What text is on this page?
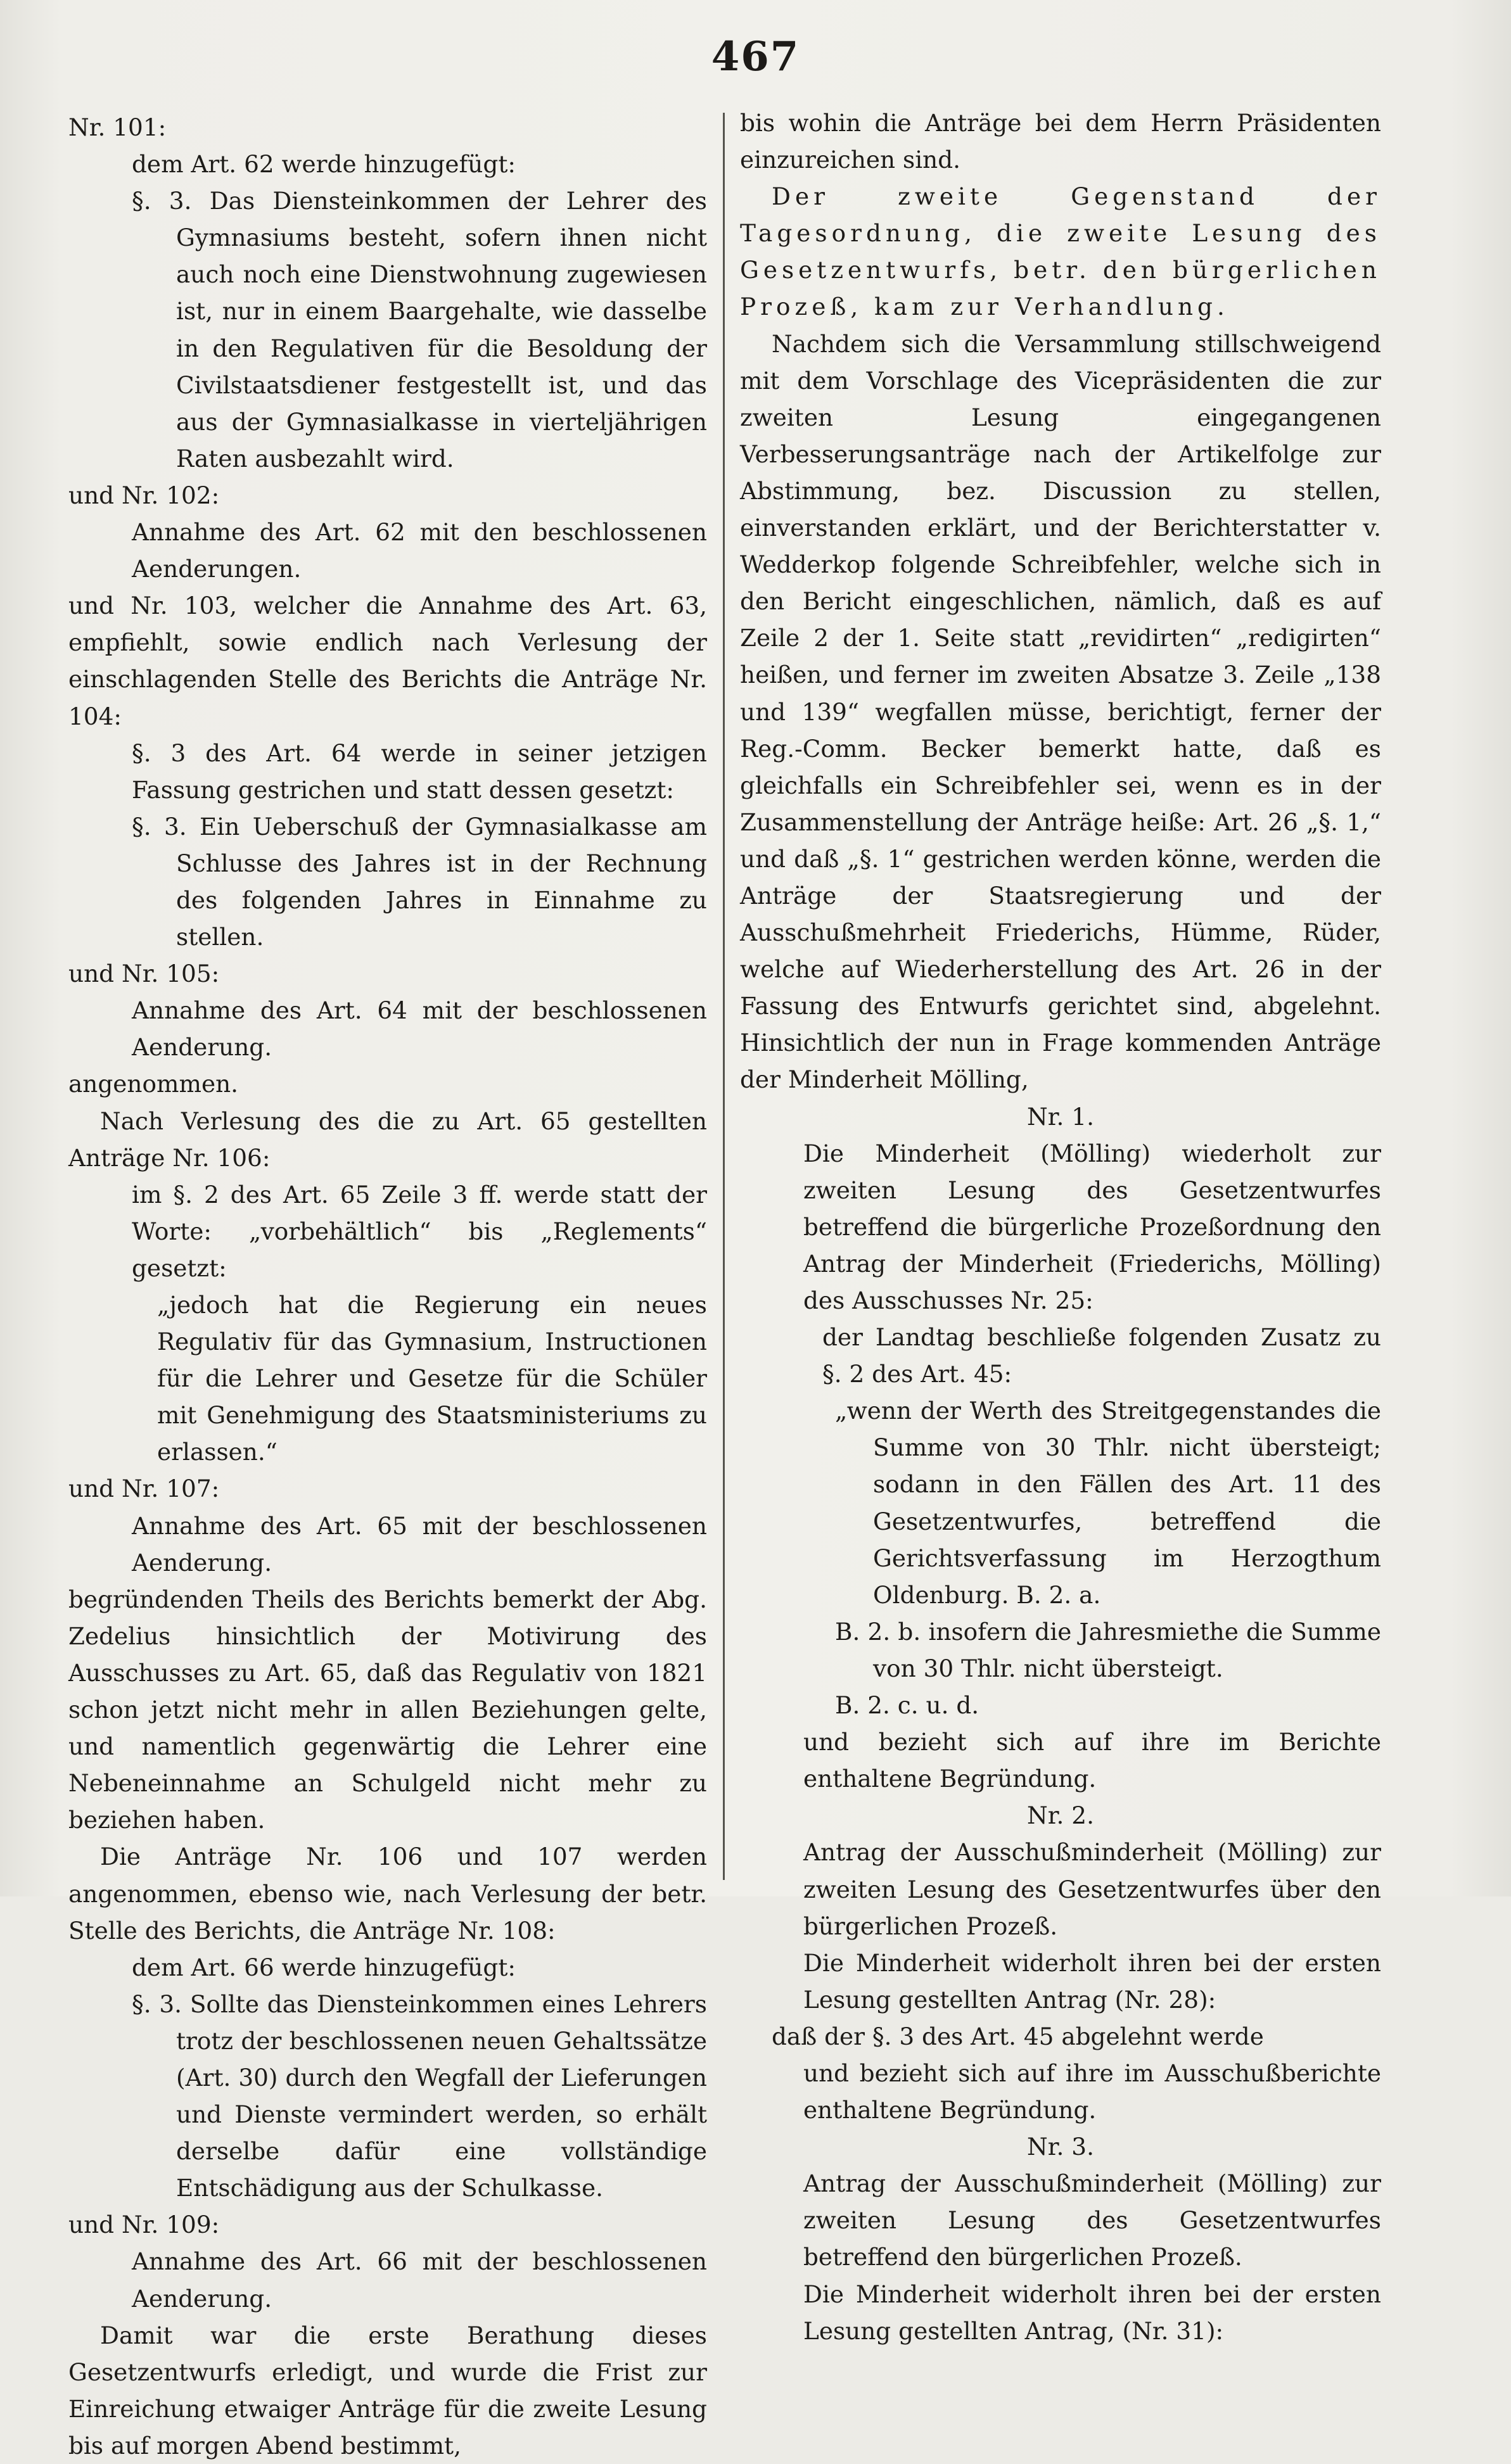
467

Nr. 101:

dem Art. 62 werde hinzugefügt:

§. 3. Das Diensteinkommen der Lehrer des Gymnasiums besteht, sofern ihnen nicht auch noch eine Dienstwohnung zugewiesen ist, nur in einem Baargehalte, wie dasselbe in den Regulativen für die Besoldung der Civilstaatsdiener festgestellt ist, und das aus der Gymnasialkasse in vierteljährigen Raten ausbezahlt wird.

und Nr. 102:

Annahme des Art. 62 mit den beschlossenen Aenderungen.

und Nr. 103, welcher die Annahme des Art. 63, empfiehlt, sowie endlich nach Verlesung der einschlagenden Stelle des Berichts die Anträge Nr. 104:

§. 3 des Art. 64 werde in seiner jetzigen Fassung gestrichen und statt dessen gesetzt:

§. 3. Ein Ueberschuß der Gymnasialkasse am Schlusse des Jahres ist in der Rechnung des folgenden Jahres in Einnahme zu stellen.

und Nr. 105:

Annahme des Art. 64 mit der beschlossenen Aenderung.

angenommen.

Nach Verlesung des die zu Art. 65 gestellten Anträge Nr. 106:

im §. 2 des Art. 65 Zeile 3 ff. werde statt der Worte: „vorbehältlich“ bis „Reglements“ gesetzt:

„jedoch hat die Regierung ein neues Regulativ für das Gymnasium, Instructionen für die Lehrer und Gesetze für die Schüler mit Genehmigung des Staatsministeriums zu erlassen.“

und Nr. 107:

Annahme des Art. 65 mit der beschlossenen Aenderung.

begründenden Theils des Berichts bemerkt der Abg. Zedelius hinsichtlich der Motivirung des Ausschusses zu Art. 65, daß das Regulativ von 1821 schon jetzt nicht mehr in allen Beziehungen gelte, und namentlich gegenwärtig die Lehrer eine Nebeneinnahme an Schulgeld nicht mehr zu beziehen haben.

Die Anträge Nr. 106 und 107 werden angenommen, ebenso wie, nach Verlesung der betr. Stelle des Berichts, die Anträge Nr. 108:

dem Art. 66 werde hinzugefügt:

§. 3. Sollte das Diensteinkommen eines Lehrers trotz der beschlossenen neuen Gehaltssätze (Art. 30) durch den Wegfall der Lieferungen und Dienste vermindert werden, so erhält derselbe dafür eine vollständige Entschädigung aus der Schulkasse.

und Nr. 109:

Annahme des Art. 66 mit der beschlossenen Aenderung.

Damit war die erste Berathung dieses Gesetzentwurfs erledigt, und wurde die Frist zur Einreichung etwaiger Anträge für die zweite Lesung bis auf morgen Abend bestimmt,

bis wohin die Anträge bei dem Herrn Präsidenten einzureichen sind.

Der zweite Gegenstand der Tagesordnung, die zweite Lesung des Gesetzentwurfs, betr. den bürgerlichen Prozeß, kam zur Verhandlung.

Nachdem sich die Versammlung stillschweigend mit dem Vorschlage des Vicepräsidenten die zur zweiten Lesung eingegangenen Verbesserungsanträge nach der Artikelfolge zur Abstimmung, bez. Discussion zu stellen, einverstanden erklärt, und der Berichterstatter v. Wedderkop folgende Schreibfehler, welche sich in den Bericht eingeschlichen, nämlich, daß es auf Zeile 2 der 1. Seite statt „revidirten“ „redigirten“ heißen, und ferner im zweiten Absatze 3. Zeile „138 und 139“ wegfallen müsse, berichtigt, ferner der Reg.-Comm. Becker bemerkt hatte, daß es gleichfalls ein Schreibfehler sei, wenn es in der Zusammenstellung der Anträge heiße: Art. 26 „§. 1,“ und daß „§. 1“ gestrichen werden könne, werden die Anträge der Staatsregierung und der Ausschußmehrheit Friederichs, Hümme, Rüder, welche auf Wiederherstellung des Art. 26 in der Fassung des Entwurfs gerichtet sind, abgelehnt. Hinsichtlich der nun in Frage kommenden Anträge der Minderheit Mölling,

Nr. 1.

Die Minderheit (Mölling) wiederholt zur zweiten Lesung des Gesetzentwurfes betreffend die bürgerliche Prozeßordnung den Antrag der Minderheit (Friederichs, Mölling) des Ausschusses Nr. 25:

der Landtag beschließe folgenden Zusatz zu §. 2 des Art. 45:

„wenn der Werth des Streitgegenstandes die Summe von 30 Thlr. nicht übersteigt; sodann in den Fällen des Art. 11 des Gesetzentwurfes, betreffend die Gerichtsverfassung im Herzogthum Oldenburg. B. 2. a.

B. 2. b. insofern die Jahresmiethe die Summe von 30 Thlr. nicht übersteigt.

B. 2. c. u. d.

und bezieht sich auf ihre im Berichte enthaltene Begründung.

Nr. 2.

Antrag der Ausschußminderheit (Mölling) zur zweiten Lesung des Gesetzentwurfes über den bürgerlichen Prozeß.

Die Minderheit widerholt ihren bei der ersten Lesung gestellten Antrag (Nr. 28):

daß der §. 3 des Art. 45 abgelehnt werde

und bezieht sich auf ihre im Ausschußberichte enthaltene Begründung.

Nr. 3.

Antrag der Ausschußminderheit (Mölling) zur zweiten Lesung des Gesetzentwurfes betreffend den bürgerlichen Prozeß.

Die Minderheit widerholt ihren bei der ersten Lesung gestellten Antrag, (Nr. 31):
